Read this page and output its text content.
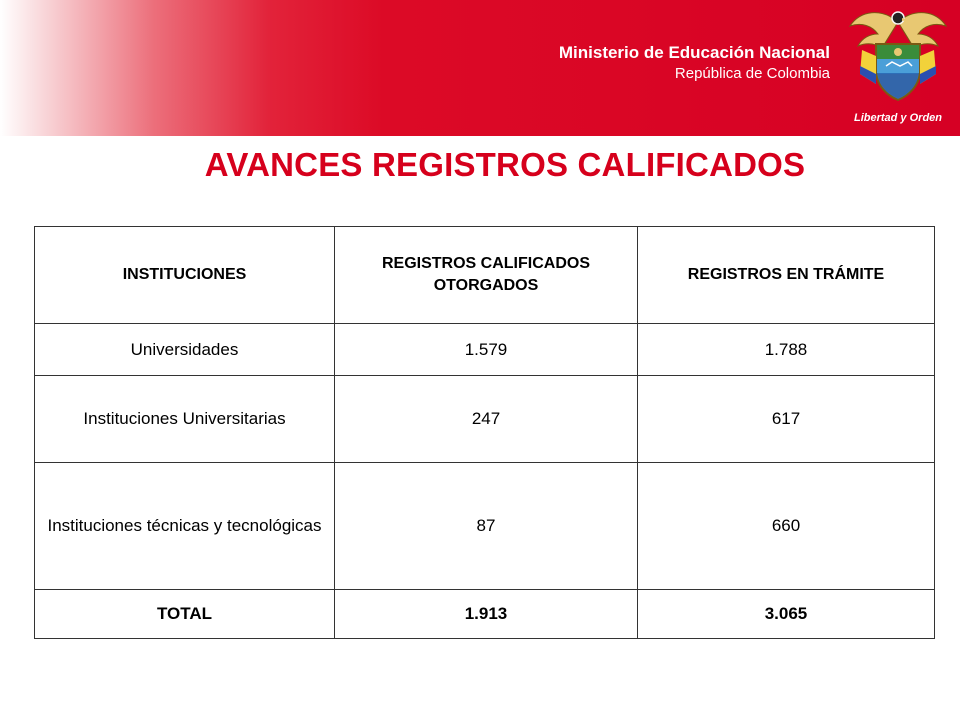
Ministerio de Educación Nacional
República de Colombia
Libertad y Orden
AVANCES REGISTROS CALIFICADOS
INSTITUCIONES	REGISTROS CALIFICADOS OTORGADOS	REGISTROS EN TRÁMITE
Universidades	1.579	1.788
Instituciones Universitarias	247	617
Instituciones técnicas y tecnológicas	87	660
TOTAL	1.913	3.065
